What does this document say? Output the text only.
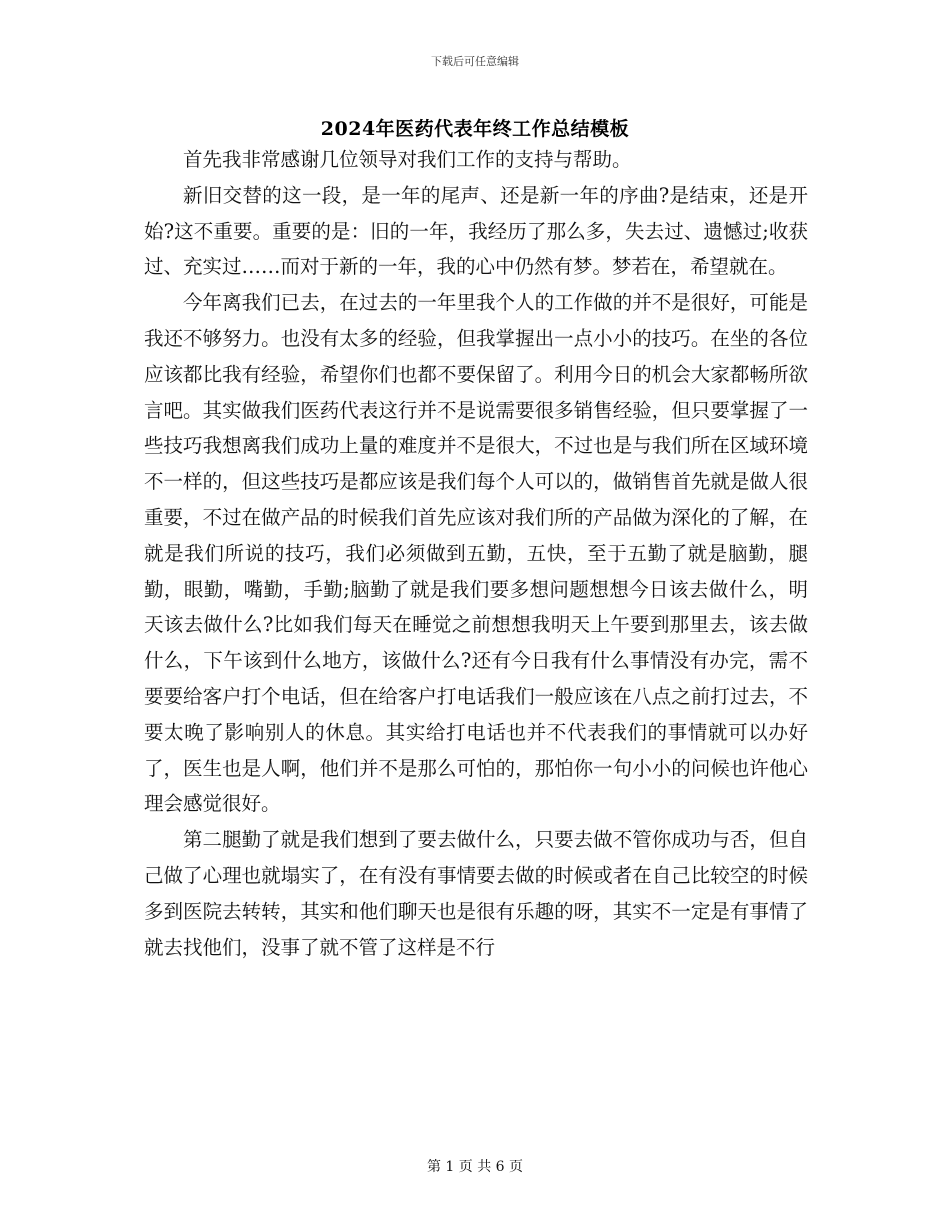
下载后可任意编辑
2024年医药代表年终工作总结模板

首先我非常感谢几位领导对我们工作的支持与帮助。

新旧交替的这一段，是一年的尾声、还是新一年的序曲?是结束，还是开始?这不重要。重要的是：旧的一年，我经历了那么多，失去过、遗憾过;收获过、充实过……而对于新的一年，我的心中仍然有梦。梦若在，希望就在。

今年离我们已去，在过去的一年里我个人的工作做的并不是很好，可能是我还不够努力。也没有太多的经验，但我掌握出一点小小的技巧。在坐的各位应该都比我有经验，希望你们也都不要保留了。利用今日的机会大家都畅所欲言吧。其实做我们医药代表这行并不是说需要很多销售经验，但只要掌握了一些技巧我想离我们成功上量的难度并不是很大，不过也是与我们所在区域环境不一样的，但这些技巧是都应该是我们每个人可以的，做销售首先就是做人很重要，不过在做产品的时候我们首先应该对我们所的产品做为深化的了解，在就是我们所说的技巧，我们必须做到五勤，五快，至于五勤了就是脑勤，腿勤，眼勤，嘴勤，手勤;脑勤了就是我们要多想问题想想今日该去做什么，明天该去做什么?比如我们每天在睡觉之前想想我明天上午要到那里去，该去做什么，下午该到什么地方，该做什么?还有今日我有什么事情没有办完，需不要要给客户打个电话，但在给客户打电话我们一般应该在八点之前打过去，不要太晚了影响别人的休息。其实给打电话也并不代表我们的事情就可以办好了，医生也是人啊，他们并不是那么可怕的，那怕你一句小小的问候也许他心理会感觉很好。

第二腿勤了就是我们想到了要去做什么，只要去做不管你成功与否，但自己做了心理也就塌实了，在有没有事情要去做的时候或者在自己比较空的时候多到医院去转转，其实和他们聊天也是很有乐趣的呀，其实不一定是有事情了就去找他们，没事了就不管了这样是不行

第 1 页 共 6 页
